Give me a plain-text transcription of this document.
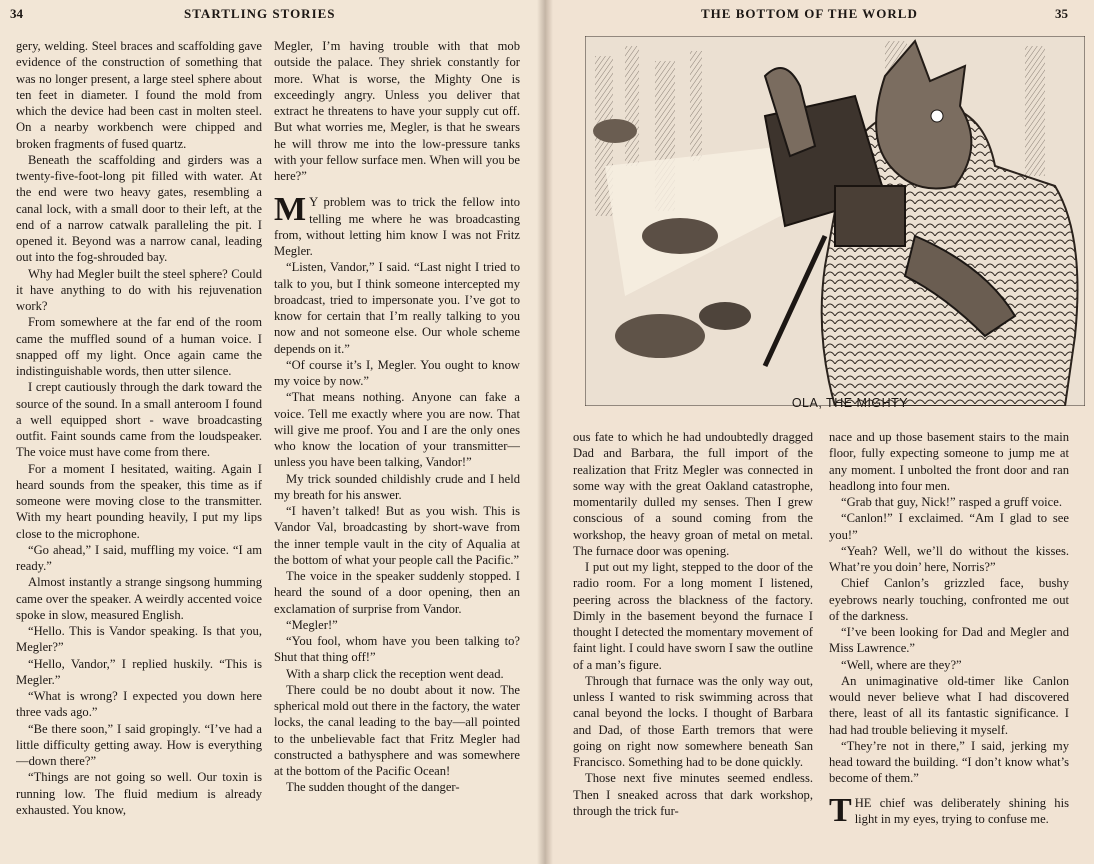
34	STARTLING STORIES

gery, welding. Steel braces and scaffolding gave evidence of the construction of something that was no longer present, a large steel sphere about ten feet in diameter. I found the mold from which the device had been cast in molten steel. On a nearby workbench were chipped and broken fragments of fused quartz.

Beneath the scaffolding and girders was a twenty-five-foot-long pit filled with water. At the end were two heavy gates, resembling a canal lock, with a small door to their left, at the end of a narrow catwalk paralleling the pit. I opened it. Beyond was a narrow canal, leading out into the fog-shrouded bay.

Why had Megler built the steel sphere? Could it have anything to do with his rejuvenation work?

From somewhere at the far end of the room came the muffled sound of a human voice. I snapped off my light. Once again came the indistinguishable words, then utter silence.

I crept cautiously through the dark toward the source of the sound. In a small anteroom I found a well equipped short - wave broadcasting outfit. Faint sounds came from the loudspeaker. The voice must have come from there.

For a moment I hesitated, waiting. Again I heard sounds from the speaker, this time as if someone were moving close to the transmitter. With my heart pounding heavily, I put my lips close to the microphone.

“Go ahead,” I said, muffling my voice. “I am ready.”

Almost instantly a strange singsong humming came over the speaker. A weirdly accented voice spoke in slow, measured English.

“Hello. This is Vandor speaking. Is that you, Megler?”

“Hello, Vandor,” I replied huskily. “This is Megler.”

“What is wrong? I expected you down here three vads ago.”

“Be there soon,” I said gropingly. “I’ve had a little difficulty getting away. How is everything—down there?”

“Things are not going so well. Our toxin is running low. The fluid medium is already exhausted. You know,

Megler, I’m having trouble with that mob outside the palace. They shriek constantly for more. What is worse, the Mighty One is exceedingly angry. Unless you deliver that extract he threatens to have your supply cut off. But what worries me, Megler, is that he swears he will throw me into the low-pressure tanks with your fellow surface men. When will you be here?”

M Y problem was to trick the fellow into telling me where he was broadcasting from, without letting him know I was not Fritz Megler.

“Listen, Vandor,” I said. “Last night I tried to talk to you, but I think someone intercepted my broadcast, tried to impersonate you. I’ve got to know for certain that I’m really talking to you now and not someone else. Our whole scheme depends on it.”

“Of course it’s I, Megler. You ought to know my voice by now.”

“That means nothing. Anyone can fake a voice. Tell me exactly where you are now. That will give me proof. You and I are the only ones who know the location of your transmitter—unless you have been talking, Vandor!”

My trick sounded childishly crude and I held my breath for his answer.

“I haven’t talked! But as you wish. This is Vandor Val, broadcasting by short-wave from the inner temple vault in the city of Aqualia at the bottom of what your people call the Pacific.”

The voice in the speaker suddenly stopped. I heard the sound of a door opening, then an exclamation of surprise from Vandor.

“Megler!”

“You fool, whom have you been talking to? Shut that thing off!”

With a sharp click the reception went dead.

There could be no doubt about it now. The spherical mold out there in the factory, the water locks, the canal leading to the bay—all pointed to the unbelievable fact that Fritz Megler had constructed a bathysphere and was somewhere at the bottom of the Pacific Ocean!

The sudden thought of the danger-

THE BOTTOM OF THE WORLD	35
OLA, THE MIGHTY

ous fate to which he had undoubtedly dragged Dad and Barbara, the full import of the realization that Fritz Megler was connected in some way with the great Oakland catastrophe, momentarily dulled my senses. Then I grew conscious of a sound coming from the workshop, the heavy groan of metal on metal. The furnace door was opening.

I put out my light, stepped to the door of the radio room. For a long moment I listened, peering across the blackness of the factory. Dimly in the basement beyond the furnace I thought I detected the momentary movement of faint light. I could have sworn I saw the outline of a man’s figure.

Through that furnace was the only way out, unless I wanted to risk swimming across that canal beyond the locks. I thought of Barbara and Dad, of those Earth tremors that were going on right now somewhere beneath San Francisco. Something had to be done quickly.

Those next five minutes seemed endless. Then I sneaked across that dark workshop, through the trick fur-

nace and up those basement stairs to the main floor, fully expecting someone to jump me at any moment. I unbolted the front door and ran headlong into four men.

“Grab that guy, Nick!” rasped a gruff voice.

“Canlon!” I exclaimed. “Am I glad to see you!”

“Yeah? Well, we’ll do without the kisses. What’re you doin’ here, Norris?”

Chief Canlon’s grizzled face, bushy eyebrows nearly touching, confronted me out of the darkness.

“I’ve been looking for Dad and Megler and Miss Lawrence.”

“Well, where are they?”

An unimaginative old-timer like Canlon would never believe what I had discovered there, least of all its fantastic significance. I had had trouble believing it myself.

“They’re not in there,” I said, jerking my head toward the building. “I don’t know what’s become of them.”

THE chief was deliberately shining his light in my eyes, trying to confuse me.
